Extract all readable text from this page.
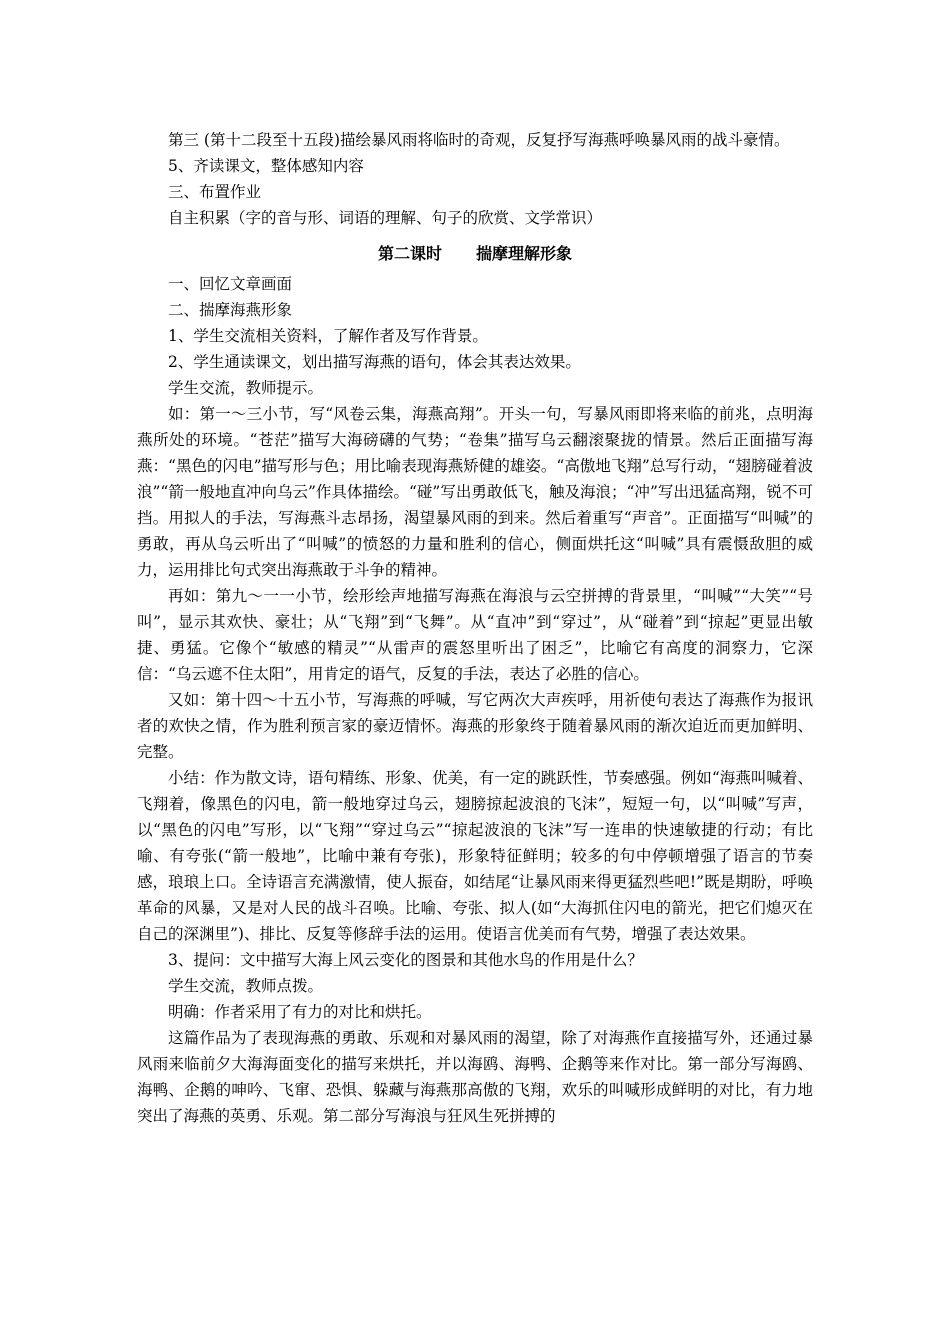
第三 (第十二段至十五段)描绘暴风雨将临时的奇观，反复抒写海燕呼唤暴风雨的战斗豪情。

5、齐读课文，整体感知内容

三、布置作业

自主积累（字的音与形、词语的理解、句子的欣赏、文学常识）

第二课时 揣摩理解形象

一、回忆文章画面

二、揣摩海燕形象

1、学生交流相关资料，了解作者及写作背景。

2、学生通读课文，划出描写海燕的语句，体会其表达效果。

学生交流，教师提示。

如：第一～三小节，写“风卷云集，海燕高翔”。开头一句，写暴风雨即将来临的前兆，点明海燕所处的环境。“苍茫”描写大海磅礴的气势；“卷集”描写乌云翻滚聚拢的情景。然后正面描写海燕：“黑色的闪电”描写形与色；用比喻表现海燕矫健的雄姿。“高傲地飞翔”总写行动，“翅膀碰着波浪”“箭一般地直冲向乌云”作具体描绘。“碰”写出勇敢低飞，触及海浪；“冲”写出迅猛高翔，锐不可挡。用拟人的手法，写海燕斗志昂扬，渴望暴风雨的到来。然后着重写“声音”。正面描写“叫喊”的勇敢，再从乌云听出了“叫喊”的愤怒的力量和胜利的信心，侧面烘托这“叫喊”具有震慑敌胆的威力，运用排比句式突出海燕敢于斗争的精神。

再如：第九～一一小节，绘形绘声地描写海燕在海浪与云空拼搏的背景里，“叫喊”“大笑”“号叫”，显示其欢快、豪壮；从“飞翔”到“飞舞”。从“直冲”到“穿过”，从“碰着”到“掠起”更显出敏捷、勇猛。它像个“敏感的精灵”“从雷声的震怒里听出了困乏”，比喻它有高度的洞察力，它深信：“乌云遮不住太阳”，用肯定的语气，反复的手法，表达了必胜的信心。

又如：第十四～十五小节，写海燕的呼喊，写它两次大声疾呼，用祈使句表达了海燕作为报讯者的欢快之情，作为胜利预言家的豪迈情怀。海燕的形象终于随着暴风雨的渐次迫近而更加鲜明、完整。

小结：作为散文诗，语句精练、形象、优美，有一定的跳跃性，节奏感强。例如“海燕叫喊着、飞翔着，像黑色的闪电，箭一般地穿过乌云，翅膀掠起波浪的飞沫”，短短一句，以“叫喊”写声，以“黑色的闪电”写形，以“飞翔”“穿过乌云”“掠起波浪的飞沫”写一连串的快速敏捷的行动；有比喻、有夸张(“箭一般地”，比喻中兼有夸张)，形象特征鲜明；较多的句中停顿增强了语言的节奏感，琅琅上口。全诗语言充满激情，使人振奋，如结尾“让暴风雨来得更猛烈些吧!”既是期盼，呼唤革命的风暴，又是对人民的战斗召唤。比喻、夸张、拟人(如“大海抓住闪电的箭光，把它们熄灭在自己的深渊里”)、排比、反复等修辞手法的运用。使语言优美而有气势，增强了表达效果。

3、提问：文中描写大海上风云变化的图景和其他水鸟的作用是什么？

学生交流，教师点拨。

明确：作者采用了有力的对比和烘托。

这篇作品为了表现海燕的勇敢、乐观和对暴风雨的渴望，除了对海燕作直接描写外，还通过暴风雨来临前夕大海海面变化的描写来烘托，并以海鸥、海鸭、企鹅等来作对比。第一部分写海鸥、海鸭、企鹅的呻吟、飞窜、恐惧、躲藏与海燕那高傲的飞翔，欢乐的叫喊形成鲜明的对比，有力地突出了海燕的英勇、乐观。第二部分写海浪与狂风生死拼搏的
